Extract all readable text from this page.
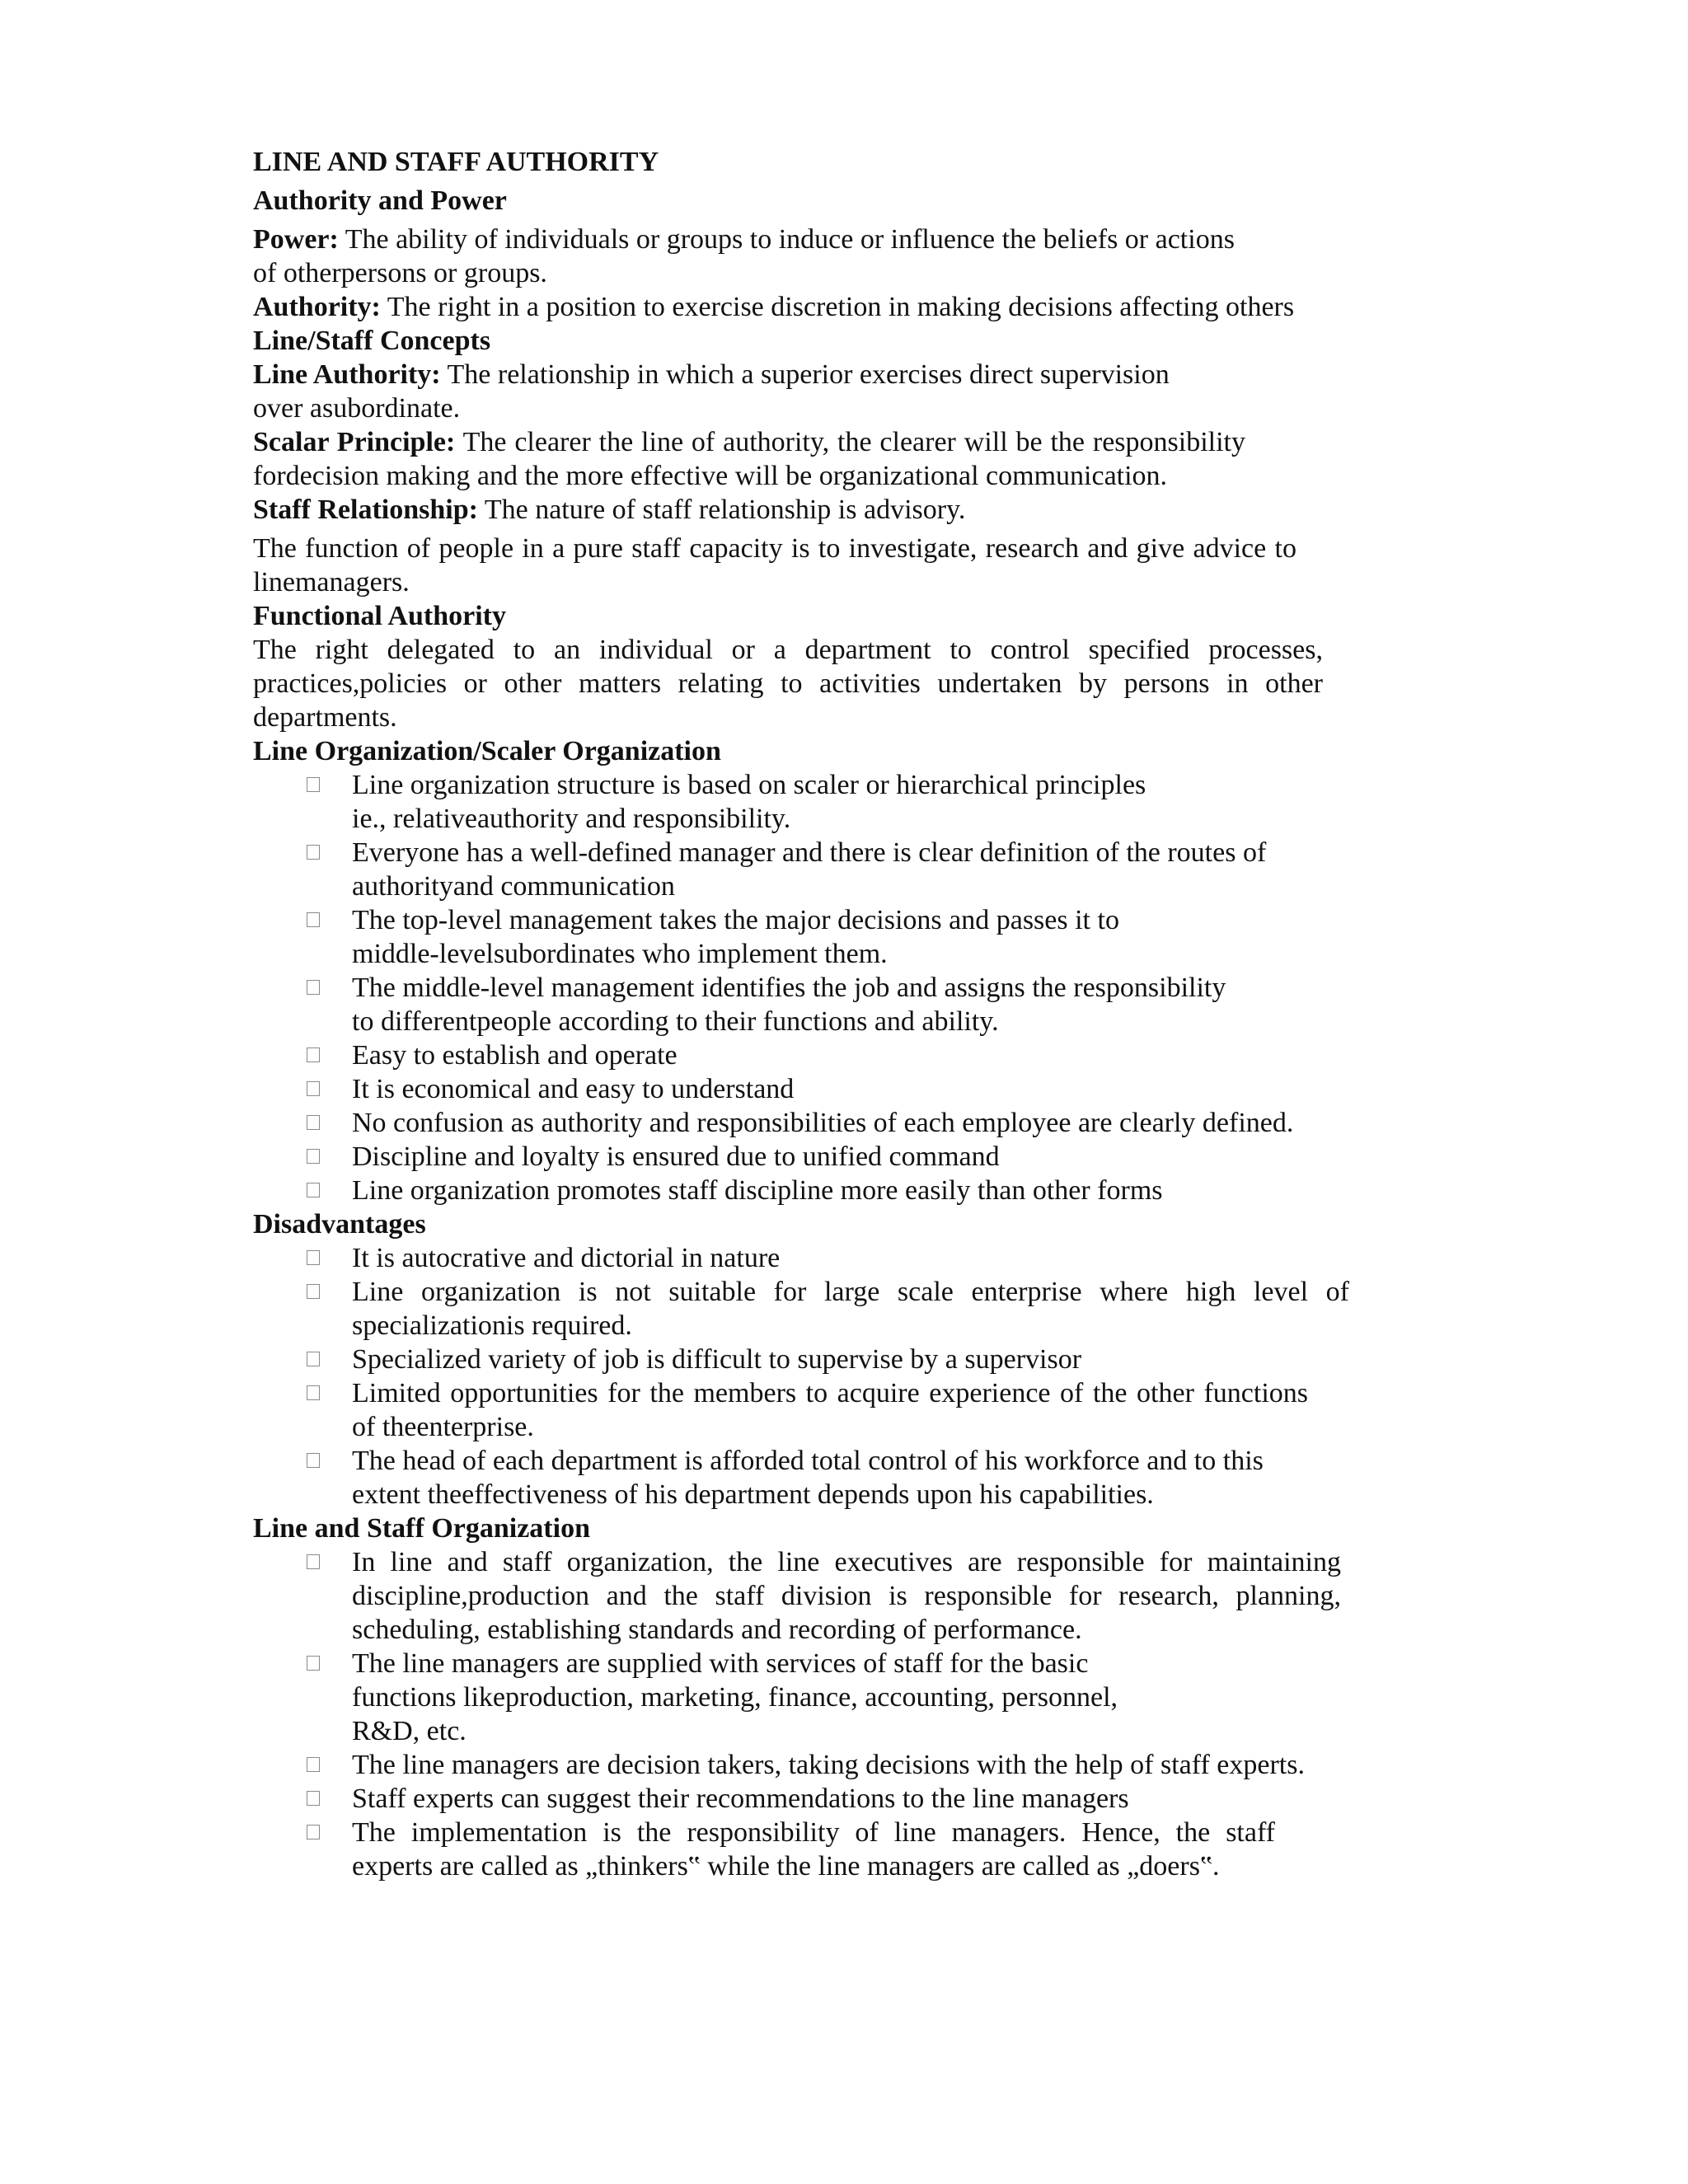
LINE AND STAFF AUTHORITY
Authority and Power

Power: The ability of individuals or groups to induce or influence the beliefs or actions
of otherpersons or groups.

Authority: The right in a position to exercise discretion in making decisions affecting others

Line/Staff Concepts

Line Authority: The relationship in which a superior exercises direct supervision
over asubordinate.

Scalar Principle: The clearer the line of authority, the clearer will be the responsibility fordecision making and the more effective will be organizational communication.

Staff Relationship: The nature of staff relationship is advisory.

The function of people in a pure staff capacity is to investigate, research and give advice to linemanagers.

Functional Authority

The right delegated to an individual or a department to control specified processes, practices,policies or other matters relating to activities undertaken by persons in other departments.

Line Organization/Scaler Organization
Line organization structure is based on scaler or hierarchical principles
ie., relativeauthority and responsibility.
Everyone has a well-defined manager and there is clear definition of the routes of
authorityand communication
The top-level management takes the major decisions and passes it to
middle-levelsubordinates who implement them.
The middle-level management identifies the job and assigns the responsibility
to differentpeople according to their functions and ability.
Easy to establish and operate
It is economical and easy to understand
No confusion as authority and responsibilities of each employee are clearly defined.
Discipline and loyalty is ensured due to unified command
Line organization promotes staff discipline more easily than other forms
Disadvantages
It is autocrative and dictorial in nature
Line organization is not suitable for large scale enterprise where high level of specializationis required.
Specialized variety of job is difficult to supervise by a supervisor
Limited opportunities for the members to acquire experience of the other functions of theenterprise.
The head of each department is afforded total control of his workforce and to this extent theeffectiveness of his department depends upon his capabilities.
Line and Staff Organization
In line and staff organization, the line executives are responsible for maintaining discipline,production and the staff division is responsible for research, planning, scheduling, establishing standards and recording of performance.
The line managers are supplied with services of staff for the basic
functions likeproduction, marketing, finance, accounting, personnel,
R&D, etc.
The line managers are decision takers, taking decisions with the help of staff experts.
Staff experts can suggest their recommendations to the line managers
The implementation is the responsibility of line managers. Hence, the staff experts are called as „thinkers‟ while the line managers are called as „doers‟.
